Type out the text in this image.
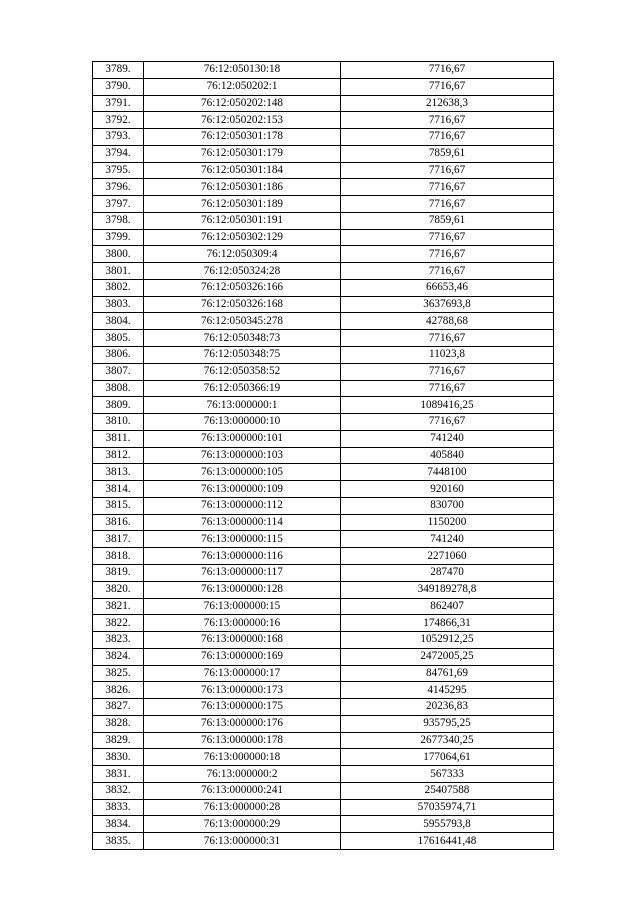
3789.	76:12:050130:18	7716,67
3790.	76:12:050202:1	7716,67
3791.	76:12:050202:148	212638,3
3792.	76:12:050202:153	7716,67
3793.	76:12:050301:178	7716,67
3794.	76:12:050301:179	7859,61
3795.	76:12:050301:184	7716,67
3796.	76:12:050301:186	7716,67
3797.	76:12:050301:189	7716,67
3798.	76:12:050301:191	7859,61
3799.	76:12:050302:129	7716,67
3800.	76:12:050309:4	7716,67
3801.	76:12:050324:28	7716,67
3802.	76:12:050326:166	66653,46
3803.	76:12:050326:168	3637693,8
3804.	76:12:050345:278	42788,68
3805.	76:12:050348:73	7716,67
3806.	76:12:050348:75	11023,8
3807.	76:12:050358:52	7716,67
3808.	76:12:050366:19	7716,67
3809.	76:13:000000:1	1089416,25
3810.	76:13:000000:10	7716,67
3811.	76:13:000000:101	741240
3812.	76:13:000000:103	405840
3813.	76:13:000000:105	7448100
3814.	76:13:000000:109	920160
3815.	76:13:000000:112	830700
3816.	76:13:000000:114	1150200
3817.	76:13:000000:115	741240
3818.	76:13:000000:116	2271060
3819.	76:13:000000:117	287470
3820.	76:13:000000:128	349189278,8
3821.	76:13:000000:15	862407
3822.	76:13:000000:16	174866,31
3823.	76:13:000000:168	1052912,25
3824.	76:13:000000:169	2472005,25
3825.	76:13:000000:17	84761,69
3826.	76:13:000000:173	4145295
3827.	76:13:000000:175	20236,83
3828.	76:13:000000:176	935795,25
3829.	76:13:000000:178	2677340,25
3830.	76:13:000000:18	177064,61
3831.	76:13:000000:2	567333
3832.	76:13:000000:241	25407588
3833.	76:13:000000:28	57035974,71
3834.	76:13:000000:29	5955793,8
3835.	76:13:000000:31	17616441,48
